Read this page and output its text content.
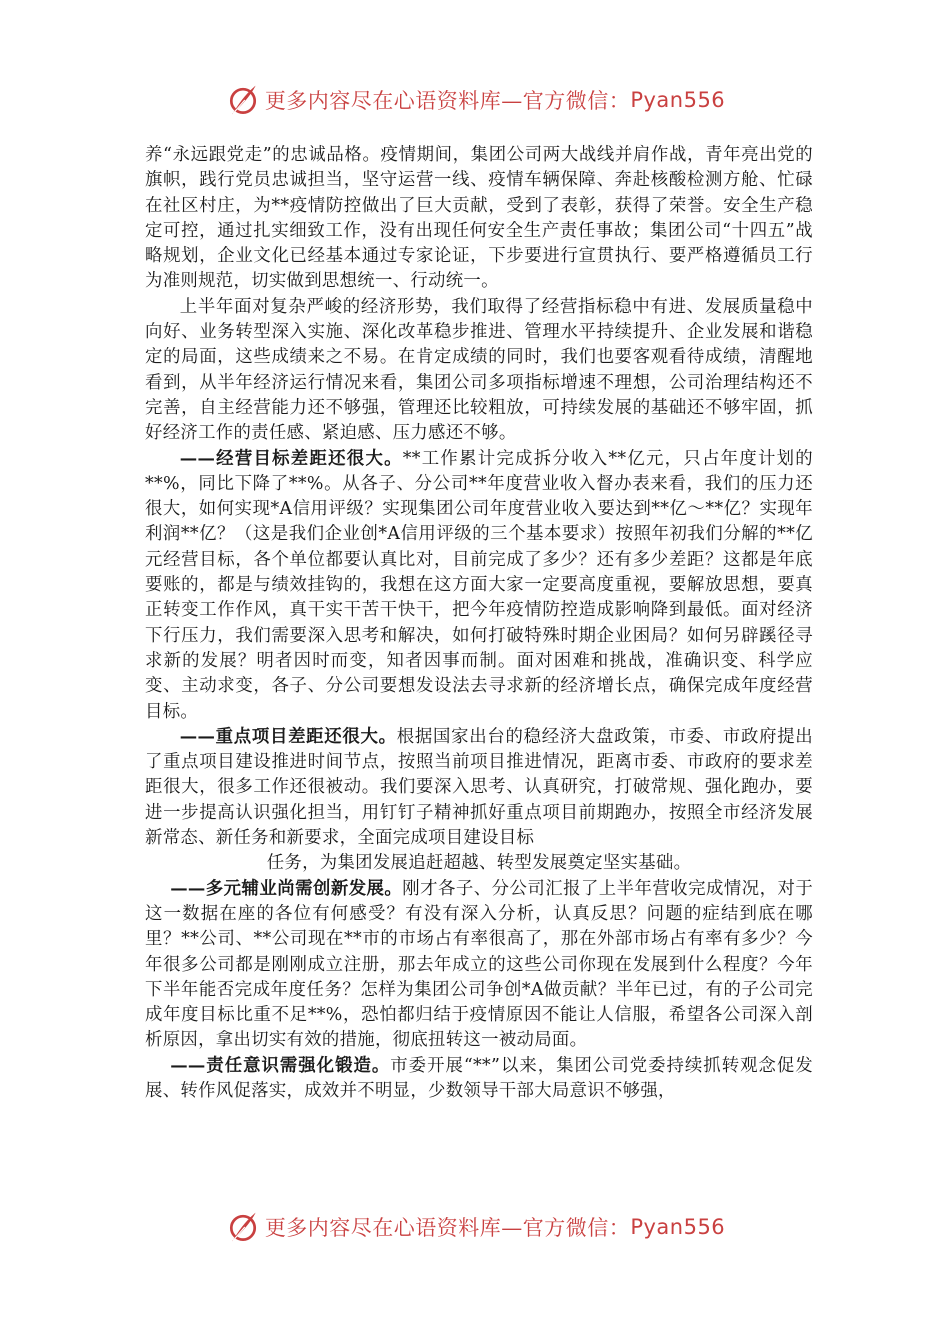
更多内容尽在心语资料库—官方微信： Pyan556

养“永远跟党走”的忠诚品格。疫情期间，集团公司两大战线并肩作战，青年亮出党的旗帜，践行党员忠诚担当，坚守运营一线、疫情车辆保障、奔赴核酸检测方舱、忙碌在社区村庄，为**疫情防控做出了巨大贡献，受到了表彰，获得了荣誉。安全生产稳定可控，通过扎实细致工作，没有出现任何安全生产责任事故；集团公司“十四五”战略规划，企业文化已经基本通过专家论证，下步要进行宣贯执行、要严格遵循员工行为准则规范，切实做到思想统一、行动统一。

上半年面对复杂严峻的经济形势，我们取得了经营指标稳中有进、发展质量稳中向好、业务转型深入实施、深化改革稳步推进、管理水平持续提升、企业发展和谐稳定的局面，这些成绩来之不易。在肯定成绩的同时，我们也要客观看待成绩，清醒地看到，从半年经济运行情况来看，集团公司多项指标增速不理想，公司治理结构还不完善，自主经营能力还不够强，管理还比较粗放，可持续发展的基础还不够牢固，抓好经济工作的责任感、紧迫感、压力感还不够。

——经营目标差距还很大。**工作累计完成拆分收入**亿元，只占年度计划的**%，同比下降了**%。从各子、分公司**年度营业收入督办表来看，我们的压力还很大，如何实现*A信用评级？实现集团公司年度营业收入要达到**亿～**亿？实现年利润**亿？（这是我们企业创*A信用评级的三个基本要求）按照年初我们分解的**亿元经营目标，各个单位都要认真比对，目前完成了多少？还有多少差距？这都是年底要账的，都是与绩效挂钩的，我想在这方面大家一定要高度重视，要解放思想，要真正转变工作作风，真干实干苦干快干，把今年疫情防控造成影响降到最低。面对经济下行压力，我们需要深入思考和解决，如何打破特殊时期企业困局？如何另辟蹊径寻求新的发展？明者因时而变，知者因事而制。面对困难和挑战，准确识变、科学应变、主动求变，各子、分公司要想发设法去寻求新的经济增长点，确保完成年度经营目标。

——重点项目差距还很大。根据国家出台的稳经济大盘政策，市委、市政府提出了重点项目建设推进时间节点，按照当前项目推进情况，距离市委、市政府的要求差距很大，很多工作还很被动。我们要深入思考、认真研究，打破常规、强化跑办，要进一步提高认识强化担当，用钉钉子精神抓好重点项目前期跑办，按照全市经济发展新常态、新任务和新要求，全面完成项目建设目标

任务，为集团发展追赶超越、转型发展奠定坚实基础。

——多元辅业尚需创新发展。刚才各子、分公司汇报了上半年营收完成情况，对于这一数据在座的各位有何感受？有没有深入分析，认真反思？问题的症结到底在哪里？**公司、**公司现在**市的市场占有率很高了，那在外部市场占有率有多少？今年很多公司都是刚刚成立注册，那去年成立的这些公司你现在发展到什么程度？今年下半年能否完成年度任务？怎样为集团公司争创*A做贡献？半年已过，有的子公司完成年度目标比重不足**%，恐怕都归结于疫情原因不能让人信服，希望各公司深入剖析原因，拿出切实有效的措施，彻底扭转这一被动局面。

——责任意识需强化锻造。市委开展“**”以来，集团公司党委持续抓转观念促发展、转作风促落实，成效并不明显，少数领导干部大局意识不够强，

更多内容尽在心语资料库—官方微信： Pyan556
